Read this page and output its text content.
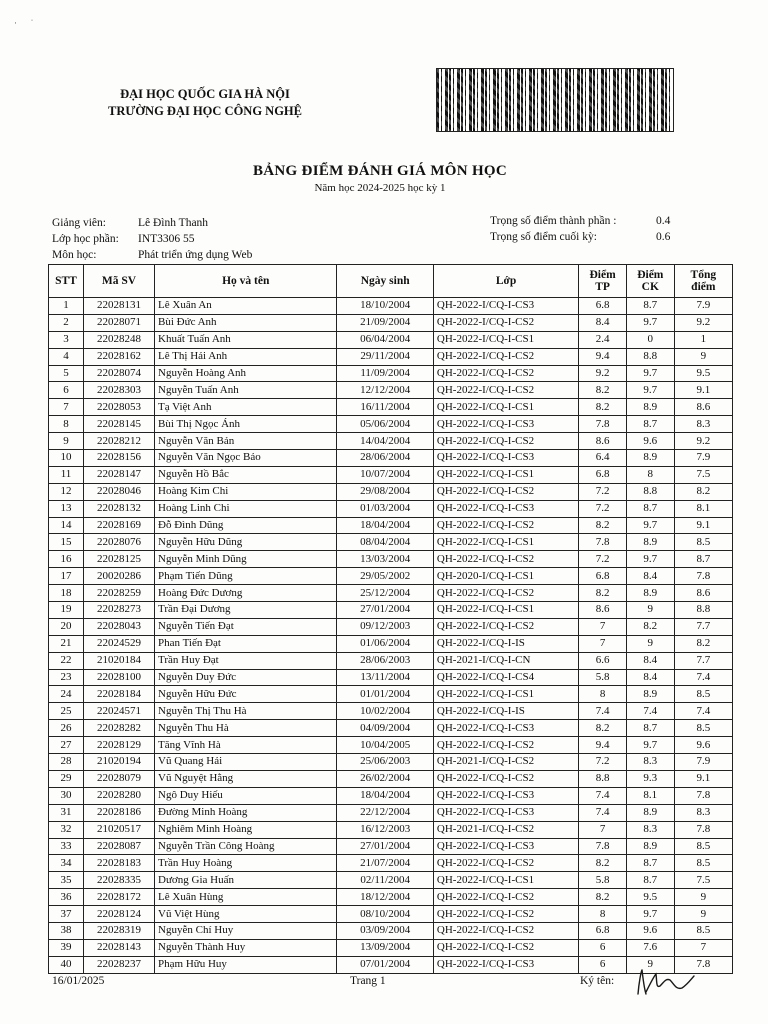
·      ˈ
ĐẠI HỌC QUỐC GIA HÀ NỘI
TRƯỜNG ĐẠI HỌC CÔNG NGHỆ
BẢNG ĐIỂM ĐÁNH GIÁ MÔN HỌC
Năm học 2024-2025 học kỳ 1
Giảng viên:	Lê Đình Thanh
Lớp học phần: INT3306 55
Môn học:	Phát triển ứng dụng Web
Trọng số điểm thành phần :	0.4
Trọng số điểm cuối kỳ:	0.6
STT	Mã SV	Họ và tên	Ngày sinh	Lớp	Điểm TP	Điểm CK	Tổng điểm
1	22028131	Lê Xuân An	18/10/2004	QH-2022-I/CQ-I-CS3	6.8	8.7	7.9
2	22028071	Bùi Đức Anh	21/09/2004	QH-2022-I/CQ-I-CS2	8.4	9.7	9.2
3	22028248	Khuất Tuấn Anh	06/04/2004	QH-2022-I/CQ-I-CS1	2.4	0	1
4	22028162	Lê Thị Hải Anh	29/11/2004	QH-2022-I/CQ-I-CS2	9.4	8.8	9
5	22028074	Nguyễn Hoàng Anh	11/09/2004	QH-2022-I/CQ-I-CS2	9.2	9.7	9.5
6	22028303	Nguyễn Tuấn Anh	12/12/2004	QH-2022-I/CQ-I-CS2	8.2	9.7	9.1
7	22028053	Tạ Việt Anh	16/11/2004	QH-2022-I/CQ-I-CS1	8.2	8.9	8.6
8	22028145	Bùi Thị Ngọc Ánh	05/06/2004	QH-2022-I/CQ-I-CS3	7.8	8.7	8.3
9	22028212	Nguyễn Văn Bản	14/04/2004	QH-2022-I/CQ-I-CS2	8.6	9.6	9.2
10	22028156	Nguyễn Văn Ngọc Bảo	28/06/2004	QH-2022-I/CQ-I-CS3	6.4	8.9	7.9
11	22028147	Nguyễn Hồ Bắc	10/07/2004	QH-2022-I/CQ-I-CS1	6.8	8	7.5
12	22028046	Hoàng Kim Chi	29/08/2004	QH-2022-I/CQ-I-CS2	7.2	8.8	8.2
13	22028132	Hoàng Linh Chi	01/03/2004	QH-2022-I/CQ-I-CS3	7.2	8.7	8.1
14	22028169	Đỗ Đình Dũng	18/04/2004	QH-2022-I/CQ-I-CS2	8.2	9.7	9.1
15	22028076	Nguyễn Hữu Dũng	08/04/2004	QH-2022-I/CQ-I-CS1	7.8	8.9	8.5
16	22028125	Nguyễn Minh Dũng	13/03/2004	QH-2022-I/CQ-I-CS2	7.2	9.7	8.7
17	20020286	Phạm Tiến Dũng	29/05/2002	QH-2020-I/CQ-I-CS1	6.8	8.4	7.8
18	22028259	Hoàng Đức Dương	25/12/2004	QH-2022-I/CQ-I-CS2	8.2	8.9	8.6
19	22028273	Trần Đại Dương	27/01/2004	QH-2022-I/CQ-I-CS1	8.6	9	8.8
20	22028043	Nguyễn Tiến Đạt	09/12/2003	QH-2022-I/CQ-I-CS2	7	8.2	7.7
21	22024529	Phan Tiến Đạt	01/06/2004	QH-2022-I/CQ-I-IS	7	9	8.2
22	21020184	Trần Huy Đạt	28/06/2003	QH-2021-I/CQ-I-CN	6.6	8.4	7.7
23	22028100	Nguyễn Duy Đức	13/11/2004	QH-2022-I/CQ-I-CS4	5.8	8.4	7.4
24	22028184	Nguyễn Hữu Đức	01/01/2004	QH-2022-I/CQ-I-CS1	8	8.9	8.5
25	22024571	Nguyễn Thị Thu Hà	10/02/2004	QH-2022-I/CQ-I-IS	7.4	7.4	7.4
26	22028282	Nguyễn Thu Hà	04/09/2004	QH-2022-I/CQ-I-CS3	8.2	8.7	8.5
27	22028129	Tăng Vĩnh Hà	10/04/2005	QH-2022-I/CQ-I-CS2	9.4	9.7	9.6
28	21020194	Vũ Quang Hải	25/06/2003	QH-2021-I/CQ-I-CS2	7.2	8.3	7.9
29	22028079	Vũ Nguyệt Hằng	26/02/2004	QH-2022-I/CQ-I-CS2	8.8	9.3	9.1
30	22028280	Ngô Duy Hiếu	18/04/2004	QH-2022-I/CQ-I-CS3	7.4	8.1	7.8
31	22028186	Đường Minh Hoàng	22/12/2004	QH-2022-I/CQ-I-CS3	7.4	8.9	8.3
32	21020517	Nghiêm Minh Hoàng	16/12/2003	QH-2021-I/CQ-I-CS2	7	8.3	7.8
33	22028087	Nguyễn Trần Công Hoàng	27/01/2004	QH-2022-I/CQ-I-CS3	7.8	8.9	8.5
34	22028183	Trần Huy Hoàng	21/07/2004	QH-2022-I/CQ-I-CS2	8.2	8.7	8.5
35	22028335	Dương Gia Huấn	02/11/2004	QH-2022-I/CQ-I-CS1	5.8	8.7	7.5
36	22028172	Lê Xuân Hùng	18/12/2004	QH-2022-I/CQ-I-CS2	8.2	9.5	9
37	22028124	Vũ Việt Hùng	08/10/2004	QH-2022-I/CQ-I-CS2	8	9.7	9
38	22028319	Nguyễn Chí Huy	03/09/2004	QH-2022-I/CQ-I-CS2	6.8	9.6	8.5
39	22028143	Nguyễn Thành Huy	13/09/2004	QH-2022-I/CQ-I-CS2	6	7.6	7
40	22028237	Phạm Hữu Huy	07/01/2004	QH-2022-I/CQ-I-CS3	6	9	7.8
16/01/2025	Trang 1	Ký tên:
